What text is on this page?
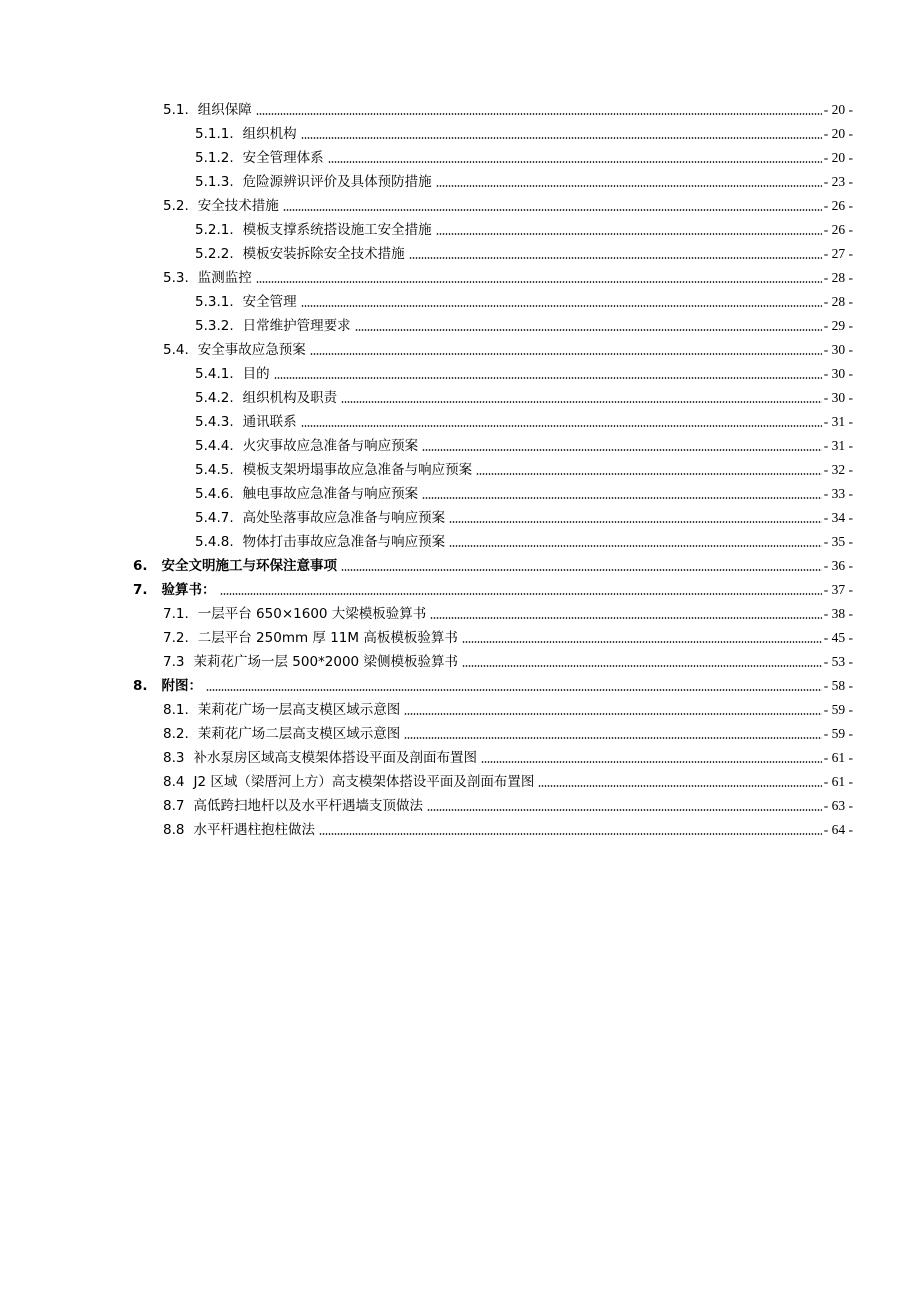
5.1. 组织保障	- 20 -
5.1.1. 组织机构	- 20 -
5.1.2. 安全管理体系	- 20 -
5.1.3. 危险源辨识评价及具体预防措施	- 23 -
5.2. 安全技术措施	- 26 -
5.2.1. 模板支撑系统搭设施工安全措施	- 26 -
5.2.2. 模板安装拆除安全技术措施	- 27 -
5.3. 监测监控	- 28 -
5.3.1. 安全管理	- 28 -
5.3.2. 日常维护管理要求	- 29 -
5.4. 安全事故应急预案	- 30 -
5.4.1. 目的	- 30 -
5.4.2. 组织机构及职责	- 30 -
5.4.3. 通讯联系	- 31 -
5.4.4. 火灾事故应急准备与响应预案	- 31 -
5.4.5. 模板支架坍塌事故应急准备与响应预案	- 32 -
5.4.6. 触电事故应急准备与响应预案	- 33 -
5.4.7. 高处坠落事故应急准备与响应预案	- 34 -
5.4.8. 物体打击事故应急准备与响应预案	- 35 -
6. 安全文明施工与环保注意事项	- 36 -
7. 验算书：	- 37 -
7.1. 一层平台 650×1600 大梁模板验算书	- 38 -
7.2. 二层平台 250mm 厚 11M 高板模板验算书	- 45 -
7.3 茉莉花广场一层 500*2000 梁侧模板验算书	- 53 -
8. 附图：	- 58 -
8.1. 茉莉花广场一层高支模区域示意图	- 59 -
8.2. 茉莉花广场二层高支模区域示意图	- 59 -
8.3 补水泵房区域高支模架体搭设平面及剖面布置图	- 61 -
8.4 J2 区域（梁厝河上方）高支模架体搭设平面及剖面布置图	- 61 -
8.7 高低跨扫地杆以及水平杆遇墙支顶做法	- 63 -
8.8 水平杆遇柱抱柱做法	- 64 -
